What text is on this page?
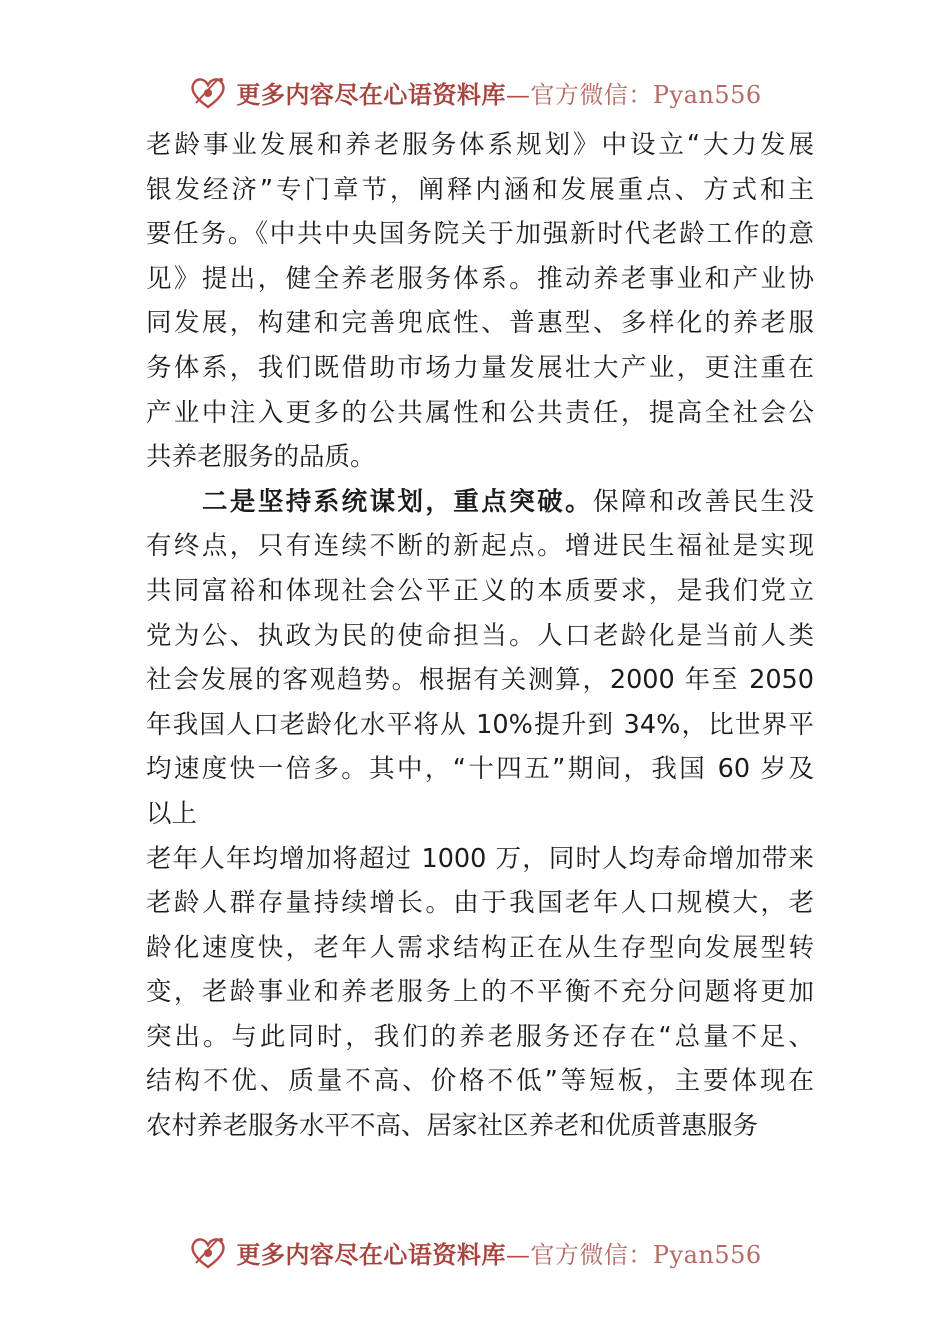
更多内容尽在心语资料库—官方微信：Pyan556
老龄事业发展和养老服务体系规划》中设立“大力发展
银发经济”专门章节，阐释内涵和发展重点、方式和主
要任务。《中共中央国务院关于加强新时代老龄工作的意
见》提出，健全养老服务体系。推动养老事业和产业协
同发展，构建和完善兜底性、普惠型、多样化的养老服
务体系，我们既借助市场力量发展壮大产业，更注重在
产业中注入更多的公共属性和公共责任，提高全社会公
共养老服务的品质。
二是坚持系统谋划，重点突破。保障和改善民生没
有终点，只有连续不断的新起点。增进民生福祉是实现
共同富裕和体现社会公平正义的本质要求，是我们党立
党为公、执政为民的使命担当。人口老龄化是当前人类
社会发展的客观趋势。根据有关测算，2000 年至 2050
年我国人口老龄化水平将从 10%提升到 34%，比世界平
均速度快一倍多。其中，“十四五”期间，我国 60 岁及
以上
老年人年均增加将超过 1000 万，同时人均寿命增加带来
老龄人群存量持续增长。由于我国老年人口规模大，老
龄化速度快，老年人需求结构正在从生存型向发展型转
变，老龄事业和养老服务上的不平衡不充分问题将更加
突出。与此同时，我们的养老服务还存在“总量不足、
结构不优、质量不高、价格不低”等短板，主要体现在
农村养老服务水平不高、居家社区养老和优质普惠服务
更多内容尽在心语资料库—官方微信：Pyan556
